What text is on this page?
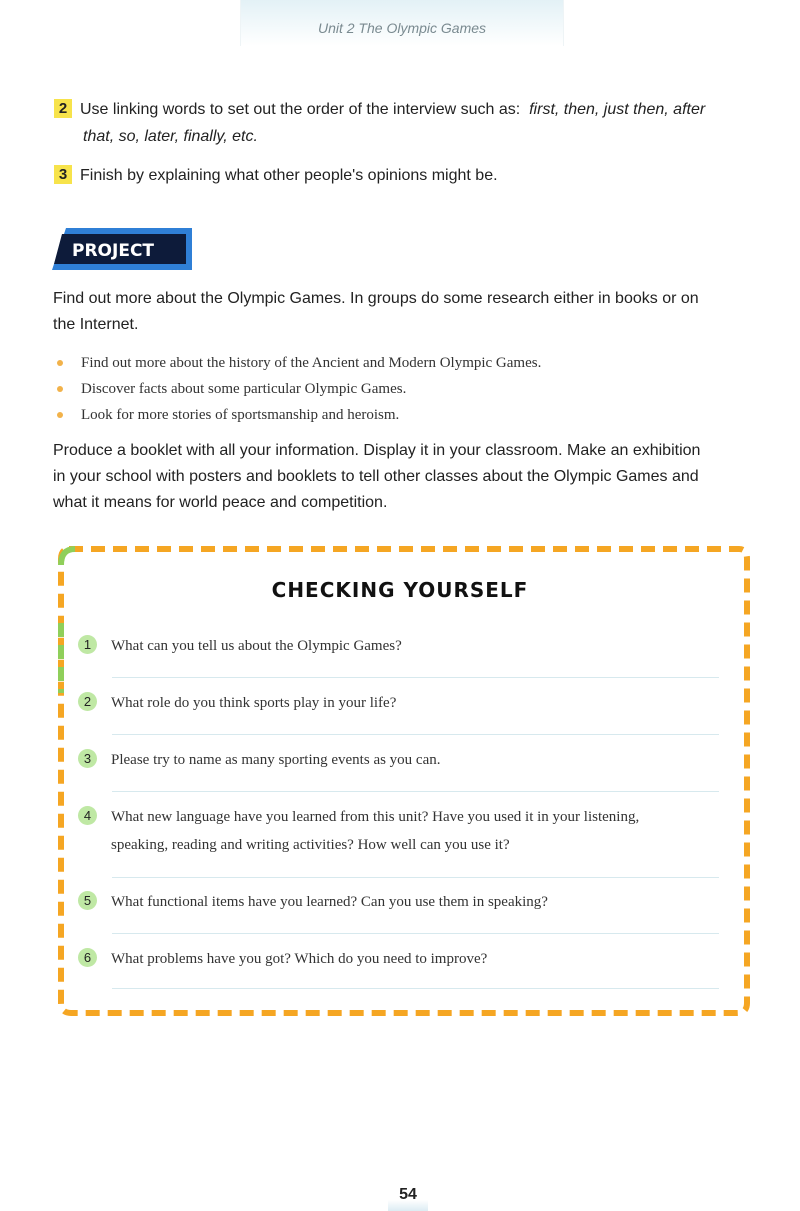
Unit 2 The Olympic Games
2 Use linking words to set out the order of the interview such as: first, then, just then, after
that, so, later, finally, etc.
3 Finish by explaining what other people's opinions might be.
PROJECT
Find out more about the Olympic Games. In groups do some research either in books or on
the Internet.
Find out more about the history of the Ancient and Modern Olympic Games.
Discover facts about some particular Olympic Games.
Look for more stories of sportsmanship and heroism.
Produce a booklet with all your information. Display it in your classroom. Make an exhibition
in your school with posters and booklets to tell other classes about the Olympic Games and
what it means for world peace and competition.
CHECKING YOURSELF
1	What can you tell us about the Olympic Games?
2	What role do you think sports play in your life?
3	Please try to name as many sporting events as you can.
4	What new language have you learned from this unit? Have you used it in your listening,
speaking, reading and writing activities? How well can you use it?
5	What functional items have you learned? Can you use them in speaking?
6	What problems have you got? Which do you need to improve?
54
